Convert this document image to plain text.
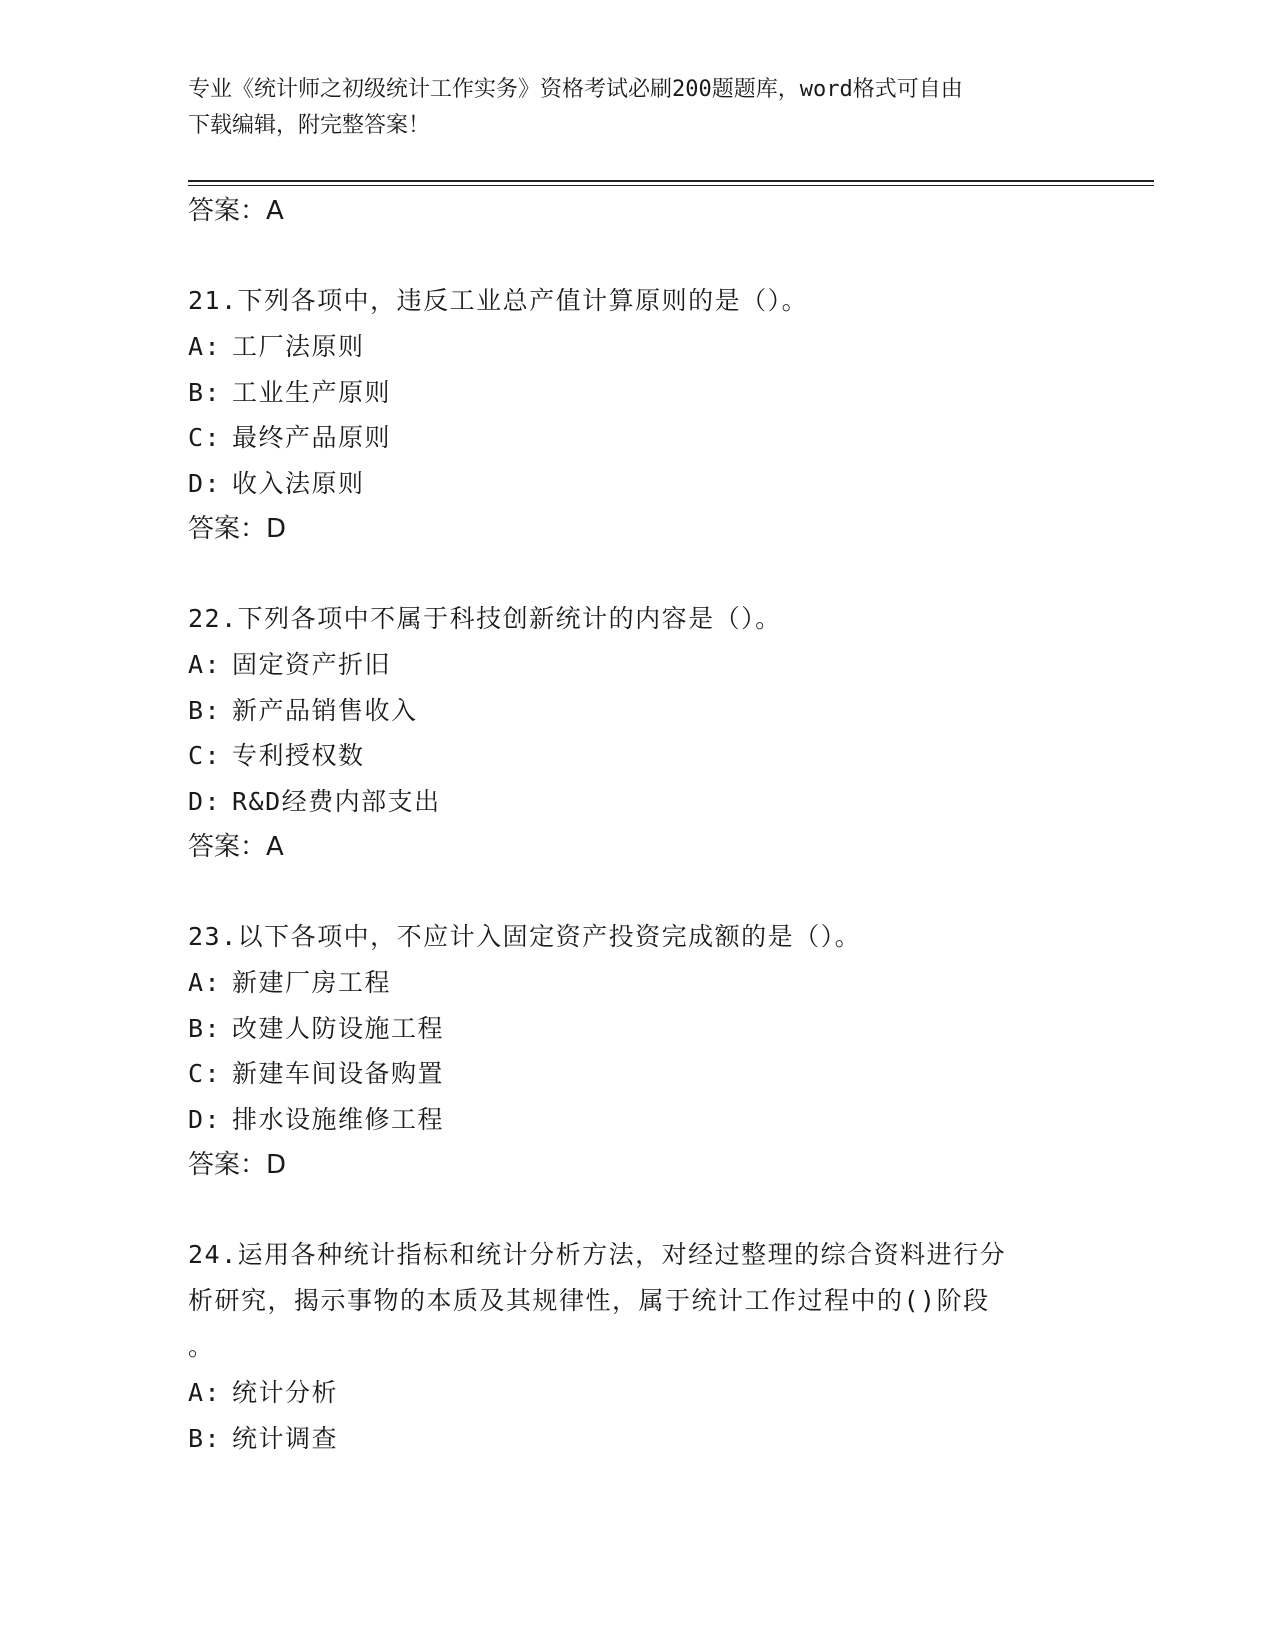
专业《统计师之初级统计工作实务》资格考试必刷200题题库，word格式可自由
下载编辑，附完整答案！
答案：A
21.下列各项中，违反工业总产值计算原则的是（）。
A: 工厂法原则
B: 工业生产原则
C: 最终产品原则
D: 收入法原则
答案：D
22.下列各项中不属于科技创新统计的内容是（）。
A: 固定资产折旧
B: 新产品销售收入
C: 专利授权数
D: R&D经费内部支出
答案：A
23.以下各项中，不应计入固定资产投资完成额的是（）。
A: 新建厂房工程
B: 改建人防设施工程
C: 新建车间设备购置
D: 排水设施维修工程
答案：D
24.运用各种统计指标和统计分析方法，对经过整理的综合资料进行分
析研究，揭示事物的本质及其规律性，属于统计工作过程中的()阶段
。
A: 统计分析
B: 统计调查
